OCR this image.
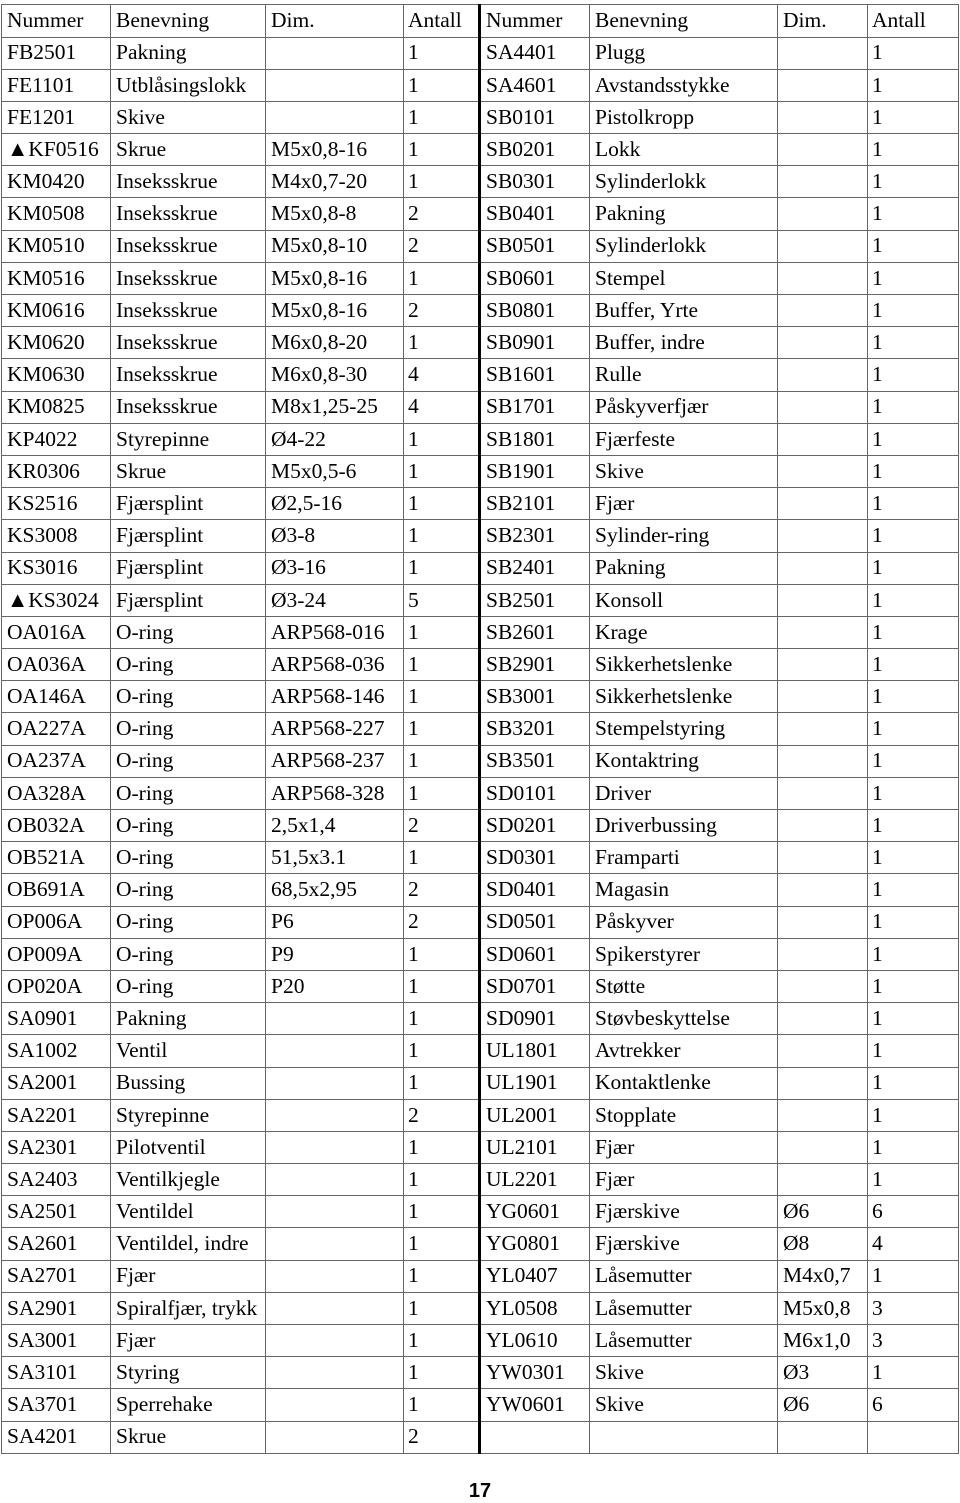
Nummer	Benevning	Dim.	Antall	Nummer	Benevning	Dim.	Antall
FB2501	Pakning		1	SA4401	Plugg		1
FE1101	Utblåsingslokk		1	SA4601	Avstandsstykke		1
FE1201	Skive		1	SB0101	Pistolkropp		1
▲KF0516	Skrue	M5x0,8-16	1	SB0201	Lokk		1
KM0420	Inseksskrue	M4x0,7-20	1	SB0301	Sylinderlokk		1
KM0508	Inseksskrue	M5x0,8-8	2	SB0401	Pakning		1
KM0510	Inseksskrue	M5x0,8-10	2	SB0501	Sylinderlokk		1
KM0516	Inseksskrue	M5x0,8-16	1	SB0601	Stempel		1
KM0616	Inseksskrue	M5x0,8-16	2	SB0801	Buffer, Yrte		1
KM0620	Inseksskrue	M6x0,8-20	1	SB0901	Buffer, indre		1
KM0630	Inseksskrue	M6x0,8-30	4	SB1601	Rulle		1
KM0825	Inseksskrue	M8x1,25-25	4	SB1701	Påskyverfjær		1
KP4022	Styrepinne	Ø4-22	1	SB1801	Fjærfeste		1
KR0306	Skrue	M5x0,5-6	1	SB1901	Skive		1
KS2516	Fjærsplint	Ø2,5-16	1	SB2101	Fjær		1
KS3008	Fjærsplint	Ø3-8	1	SB2301	Sylinder-ring		1
KS3016	Fjærsplint	Ø3-16	1	SB2401	Pakning		1
▲KS3024	Fjærsplint	Ø3-24	5	SB2501	Konsoll		1
OA016A	O-ring	ARP568-016	1	SB2601	Krage		1
OA036A	O-ring	ARP568-036	1	SB2901	Sikkerhetslenke		1
OA146A	O-ring	ARP568-146	1	SB3001	Sikkerhetslenke		1
OA227A	O-ring	ARP568-227	1	SB3201	Stempelstyring		1
OA237A	O-ring	ARP568-237	1	SB3501	Kontaktring		1
OA328A	O-ring	ARP568-328	1	SD0101	Driver		1
OB032A	O-ring	2,5x1,4	2	SD0201	Driverbussing		1
OB521A	O-ring	51,5x3.1	1	SD0301	Framparti		1
OB691A	O-ring	68,5x2,95	2	SD0401	Magasin		1
OP006A	O-ring	P6	2	SD0501	Påskyver		1
OP009A	O-ring	P9	1	SD0601	Spikerstyrer		1
OP020A	O-ring	P20	1	SD0701	Støtte		1
SA0901	Pakning		1	SD0901	Støvbeskyttelse		1
SA1002	Ventil		1	UL1801	Avtrekker		1
SA2001	Bussing		1	UL1901	Kontaktlenke		1
SA2201	Styrepinne		2	UL2001	Stopplate		1
SA2301	Pilotventil		1	UL2101	Fjær		1
SA2403	Ventilkjegle		1	UL2201	Fjær		1
SA2501	Ventildel		1	YG0601	Fjærskive	Ø6	6
SA2601	Ventildel, indre		1	YG0801	Fjærskive	Ø8	4
SA2701	Fjær		1	YL0407	Låsemutter	M4x0,7	1
SA2901	Spiralfjær, trykk		1	YL0508	Låsemutter	M5x0,8	3
SA3001	Fjær		1	YL0610	Låsemutter	M6x1,0	3
SA3101	Styring		1	YW0301	Skive	Ø3	1
SA3701	Sperrehake		1	YW0601	Skive	Ø6	6
SA4201	Skrue		2				
17
